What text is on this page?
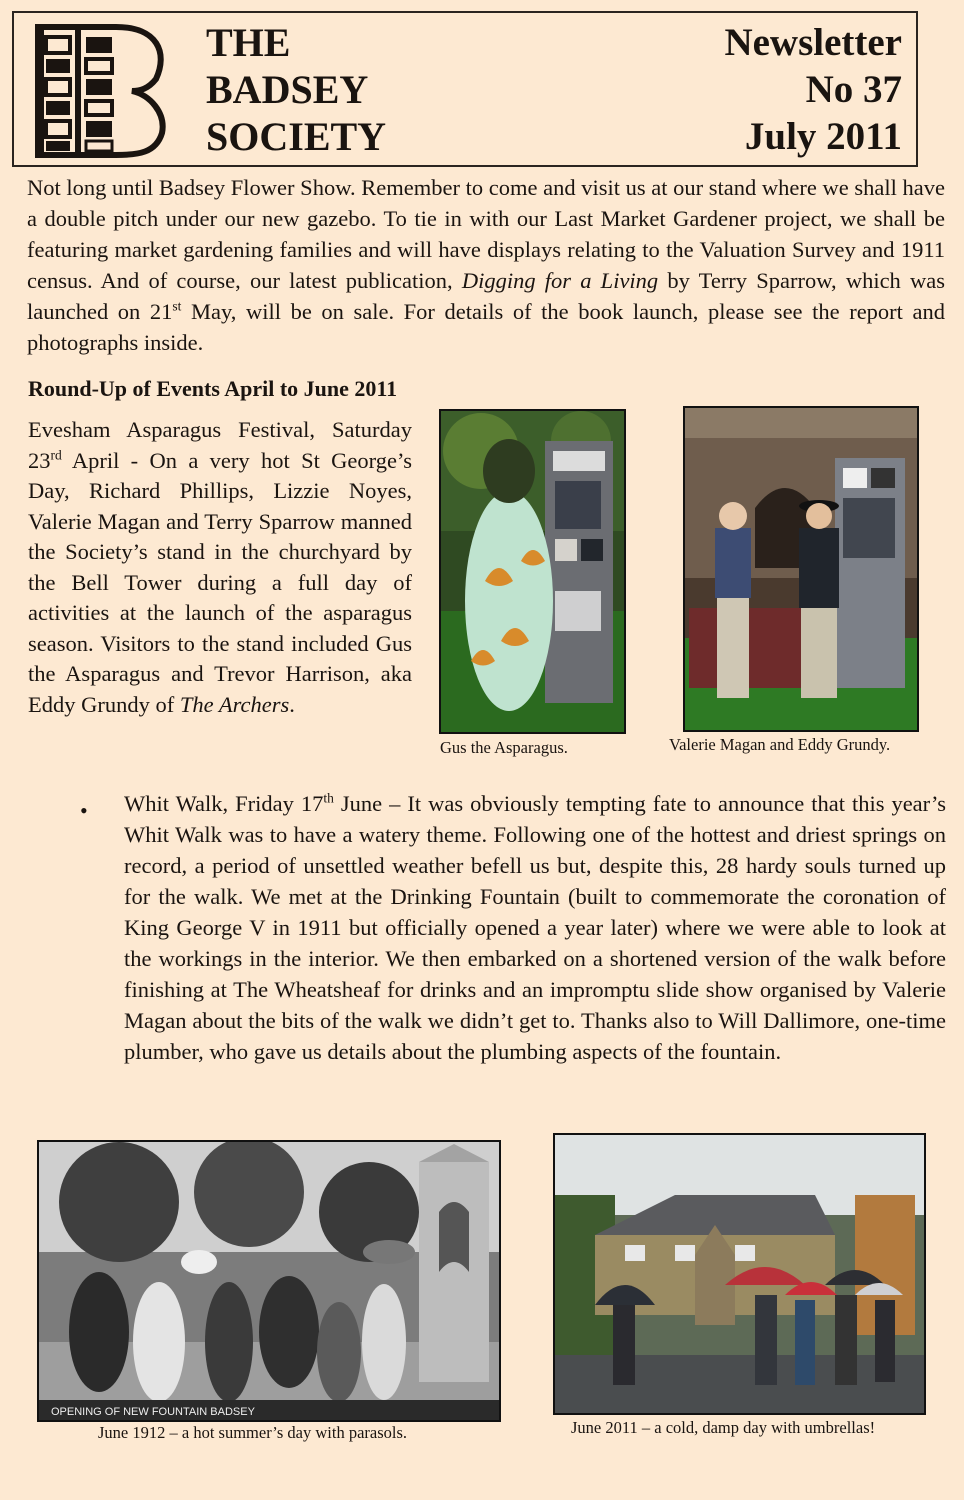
THE
BADSEY
SOCIETY
Newsletter
No 37
July 2011

Not long until Badsey Flower Show. Remember to come and visit us at our stand where we shall have a double pitch under our new gazebo. To tie in with our Last Market Gardener project, we shall be featuring market gardening families and will have displays relating to the Valuation Survey and 1911 census. And of course, our latest publication, Digging for a Living by Terry Sparrow, which was launched on 21st May, will be on sale. For details of the book launch, please see the report and photographs inside.

Round-Up of Events April to June 2011

Evesham Asparagus Festival, Saturday 23rd April - On a very hot St George’s Day, Richard Phillips, Lizzie Noyes, Valerie Magan and Terry Sparrow manned the Society’s stand in the churchyard by the Bell Tower during a full day of activities at the launch of the asparagus season. Visitors to the stand included Gus the Asparagus and Trevor Harrison, aka Eddy Grundy of The Archers.

Gus the Asparagus.	Valerie Magan and Eddy Grundy.
• Whit Walk, Friday 17th June – It was obviously tempting fate to announce that this year’s Whit Walk was to have a watery theme. Following one of the hottest and driest springs on record, a period of unsettled weather befell us but, despite this, 28 hardy souls turned up for the walk. We met at the Drinking Fountain (built to commemorate the coronation of King George V in 1911 but officially opened a year later) where we were able to look at the workings in the interior. We then embarked on a shortened version of the walk before finishing at The Wheatsheaf for drinks and an impromptu slide show organised by Valerie Magan about the bits of the walk we didn’t get to. Thanks also to Will Dallimore, one-time plumber, who gave us details about the plumbing aspects of the fountain.

OPENING OF NEW FOUNTAIN BADSEY
June 1912 – a hot summer’s day with parasols.	June 2011 – a cold, damp day with umbrellas!
